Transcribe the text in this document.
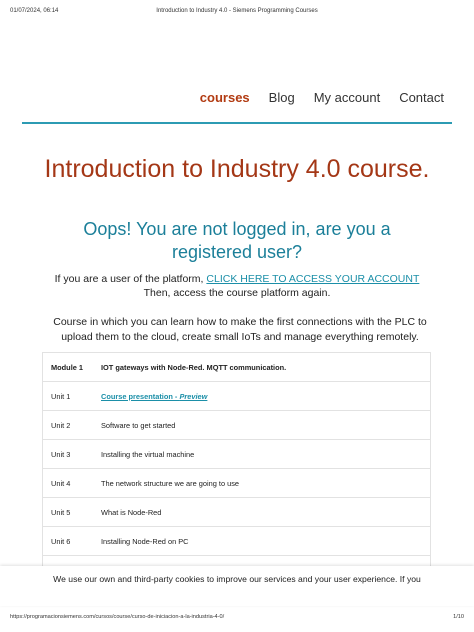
01/07/2024, 06:14	Introduction to Industry 4.0 - Siemens Programming Courses
courses Blog My account Contact
Introduction to Industry 4.0 course.
Oops! You are not logged in, are you a registered user?
If you are a user of the platform, CLICK HERE TO ACCESS YOUR ACCOUNT
Then, access the course platform again.
Course in which you can learn how to make the first connections with the PLC to upload them to the cloud, create small IoTs and manage everything remotely.
Module 1	IOT gateways with Node-Red. MQTT communication.
Unit 1	Course presentation - Preview
Unit 2	Software to get started
Unit 3	Installing the virtual machine
Unit 4	The network structure we are going to use
Unit 5	What is Node-Red
Unit 6	Installing Node-Red on PC

We use our own and third-party cookies to improve our services and your user experience. If you
https://programacionsiemens.com/cursos/course/curso-de-iniciacion-a-la-industria-4-0/	1/10
